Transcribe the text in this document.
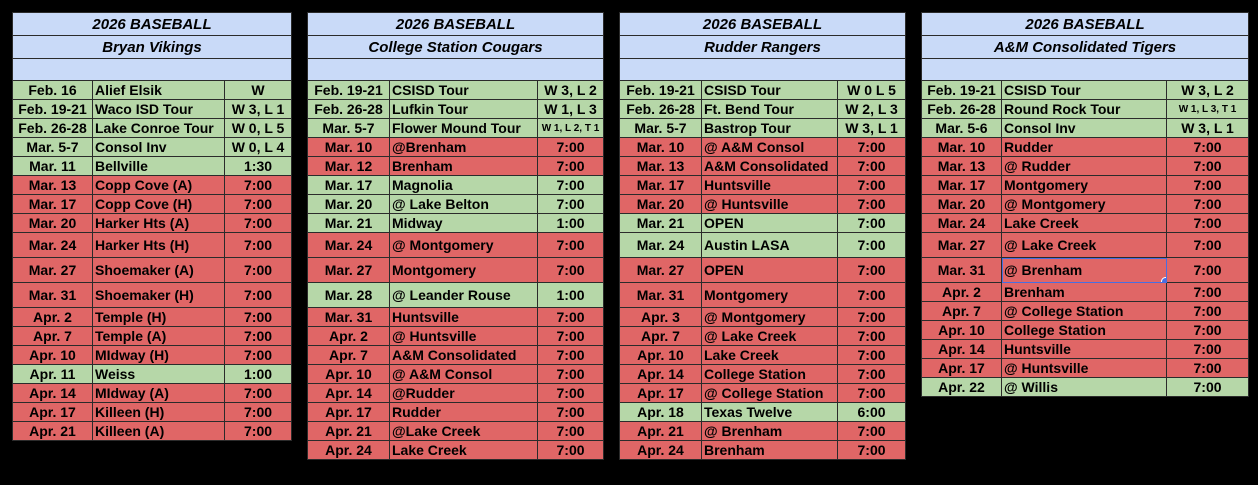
2026 BASEBALL		
Bryan Vikings		

Feb. 16	Alief Elsik	W
Feb. 19-21	Waco ISD Tour	W 3, L 1
Feb. 26-28	Lake Conroe Tour	W 0, L 5
Mar. 5-7	Consol Inv	W 0, L 4
Mar. 11	Bellville	1:30
Mar. 13	Copp Cove (A)	7:00
Mar. 17	Copp Cove (H)	7:00
Mar. 20	Harker Hts (A)	7:00
Mar. 24	Harker Hts (H)	7:00
Mar. 27	Shoemaker (A)	7:00
Mar. 31	Shoemaker (H)	7:00
Apr. 2	Temple (H)	7:00
Apr. 7	Temple (A)	7:00
Apr. 10	MIdway (H)	7:00
Apr. 11	Weiss	1:00
Apr. 14	MIdway (A)	7:00
Apr. 17	Killeen (H)	7:00
Apr. 21	Killeen (A)	7:00
2026 BASEBALL		
College Station Cougars		

Feb. 19-21	CSISD Tour	W 3, L 2
Feb. 26-28	Lufkin Tour	W 1, L 3
Mar. 5-7	Flower Mound Tour	W 1, L 2, T 1
Mar. 10	@Brenham	7:00
Mar. 12	Brenham	7:00
Mar. 17	Magnolia	7:00
Mar. 20	@ Lake Belton	7:00
Mar. 21	Midway	1:00
Mar. 24	@ Montgomery	7:00
Mar. 27	Montgomery	7:00
Mar. 28	@ Leander Rouse	1:00
Mar. 31	Huntsville	7:00
Apr. 2	@ Huntsville	7:00
Apr. 7	A&M Consolidated	7:00
Apr. 10	@ A&M Consol	7:00
Apr. 14	@Rudder	7:00
Apr. 17	Rudder	7:00
Apr. 21	@Lake Creek	7:00
Apr. 24	Lake Creek	7:00
2026 BASEBALL		
Rudder Rangers		

Feb. 19-21	CSISD Tour	W 0 L 5
Feb. 26-28	Ft. Bend Tour	W 2, L 3
Mar. 5-7	Bastrop Tour	W 3, L 1
Mar. 10	@ A&M Consol	7:00
Mar. 13	A&M Consolidated	7:00
Mar. 17	Huntsville	7:00
Mar. 20	@ Huntsville	7:00
Mar. 21	OPEN	7:00
Mar. 24	Austin LASA	7:00
Mar. 27	OPEN	7:00
Mar. 31	Montgomery	7:00
Apr. 3	@ Montgomery	7:00
Apr. 7	@ Lake Creek	7:00
Apr. 10	Lake Creek	7:00
Apr. 14	College Station	7:00
Apr. 17	@ College Station	7:00
Apr. 18	Texas Twelve	6:00
Apr. 21	@ Brenham	7:00
Apr. 24	Brenham	7:00
2026 BASEBALL		
A&M Consolidated Tigers		

Feb. 19-21	CSISD Tour	W 3, L 2
Feb. 26-28	Round Rock Tour	W 1, L 3, T 1
Mar. 5-6	Consol Inv	W 3, L 1
Mar. 10	Rudder	7:00
Mar. 13	@ Rudder	7:00
Mar. 17	Montgomery	7:00
Mar. 20	@ Montgomery	7:00
Mar. 24	Lake Creek	7:00
Mar. 27	@ Lake Creek	7:00
Mar. 31	@ Brenham	7:00
Apr. 2	Brenham	7:00
Apr. 7	@ College Station	7:00
Apr. 10	College Station	7:00
Apr. 14	Huntsville	7:00
Apr. 17	@ Huntsville	7:00
Apr. 22	@ Willis	7:00
